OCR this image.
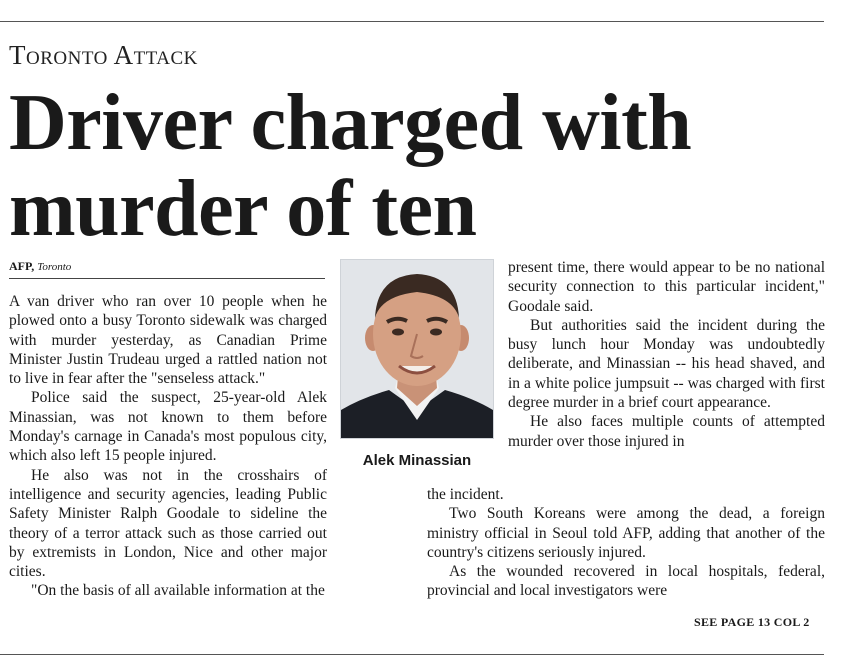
Toronto Attack
Driver charged with
murder of ten
AFP, Toronto

A van driver who ran over 10 people when he plowed onto a busy Toronto sidewalk was charged with murder yesterday, as Canadian Prime Minister Justin Trudeau urged a rattled nation not to live in fear after the "senseless attack."

Police said the suspect, 25-year-old Alek Minassian, was not known to them before Monday's carnage in Canada's most populous city, which also left 15 people injured.

He also was not in the crosshairs of intelligence and security agencies, leading Public Safety Minister Ralph Goodale to sideline the theory of a terror attack such as those carried out by extremists in London, Nice and other major cities.

"On the basis of all available information at the

Alek Minassian

present time, there would appear to be no national security connection to this particular incident," Goodale said.

But authorities said the incident during the busy lunch hour Monday was undoubtedly deliberate, and Minassian -- his head shaved, and in a white police jumpsuit -- was charged with first degree murder in a brief court appearance.

He also faces multiple counts of attempted murder over those injured in

the incident.

Two South Koreans were among the dead, a foreign ministry official in Seoul told AFP, adding that another of the country's citizens seriously injured.

As the wounded recovered in local hospitals, federal, provincial and local investigators were

SEE PAGE 13 COL 2
